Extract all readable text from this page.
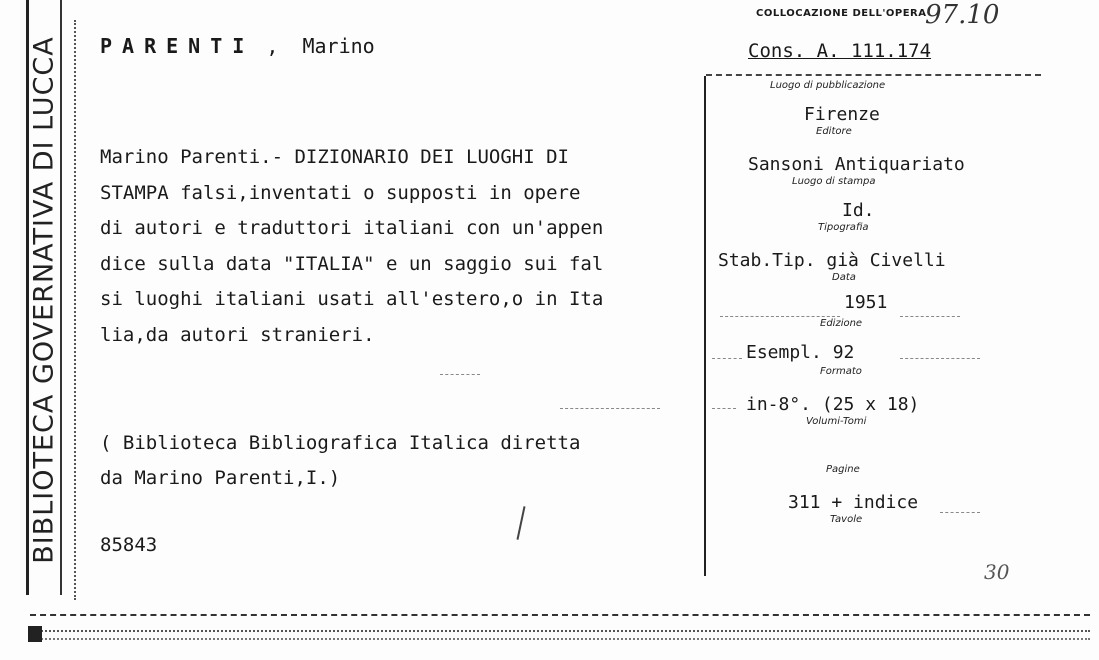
BIBLIOTECA GOVERNATIVA DI LUCCA PARENTI ,  Marino
Marino Parenti.- DIZIONARIO DEI LUOGHI DI
STAMPA falsi,inventati o supposti in opere
di autori e traduttori italiani con un'appen
dice sulla data "ITALIA" e un saggio sui fal
si luoghi italiani usati all'estero,o in Ita
lia,da autori stranieri.
( Biblioteca Bibliografica Italica diretta
da Marino Parenti,I.)
85843
COLLOCAZIONE DELL'OPERA
97.10
Cons. A. 111.174
Luogo di pubblicazione
Firenze
Editore
Sansoni Antiquariato
Luogo di stampa
Id.
Tipografia
Stab.Tip. già Civelli
Data
1951
Edizione
Esempl. 92
Formato
in-8°. (25 x 18)
Volumi-Tomi
Pagine
311 + indice
Tavole
30
